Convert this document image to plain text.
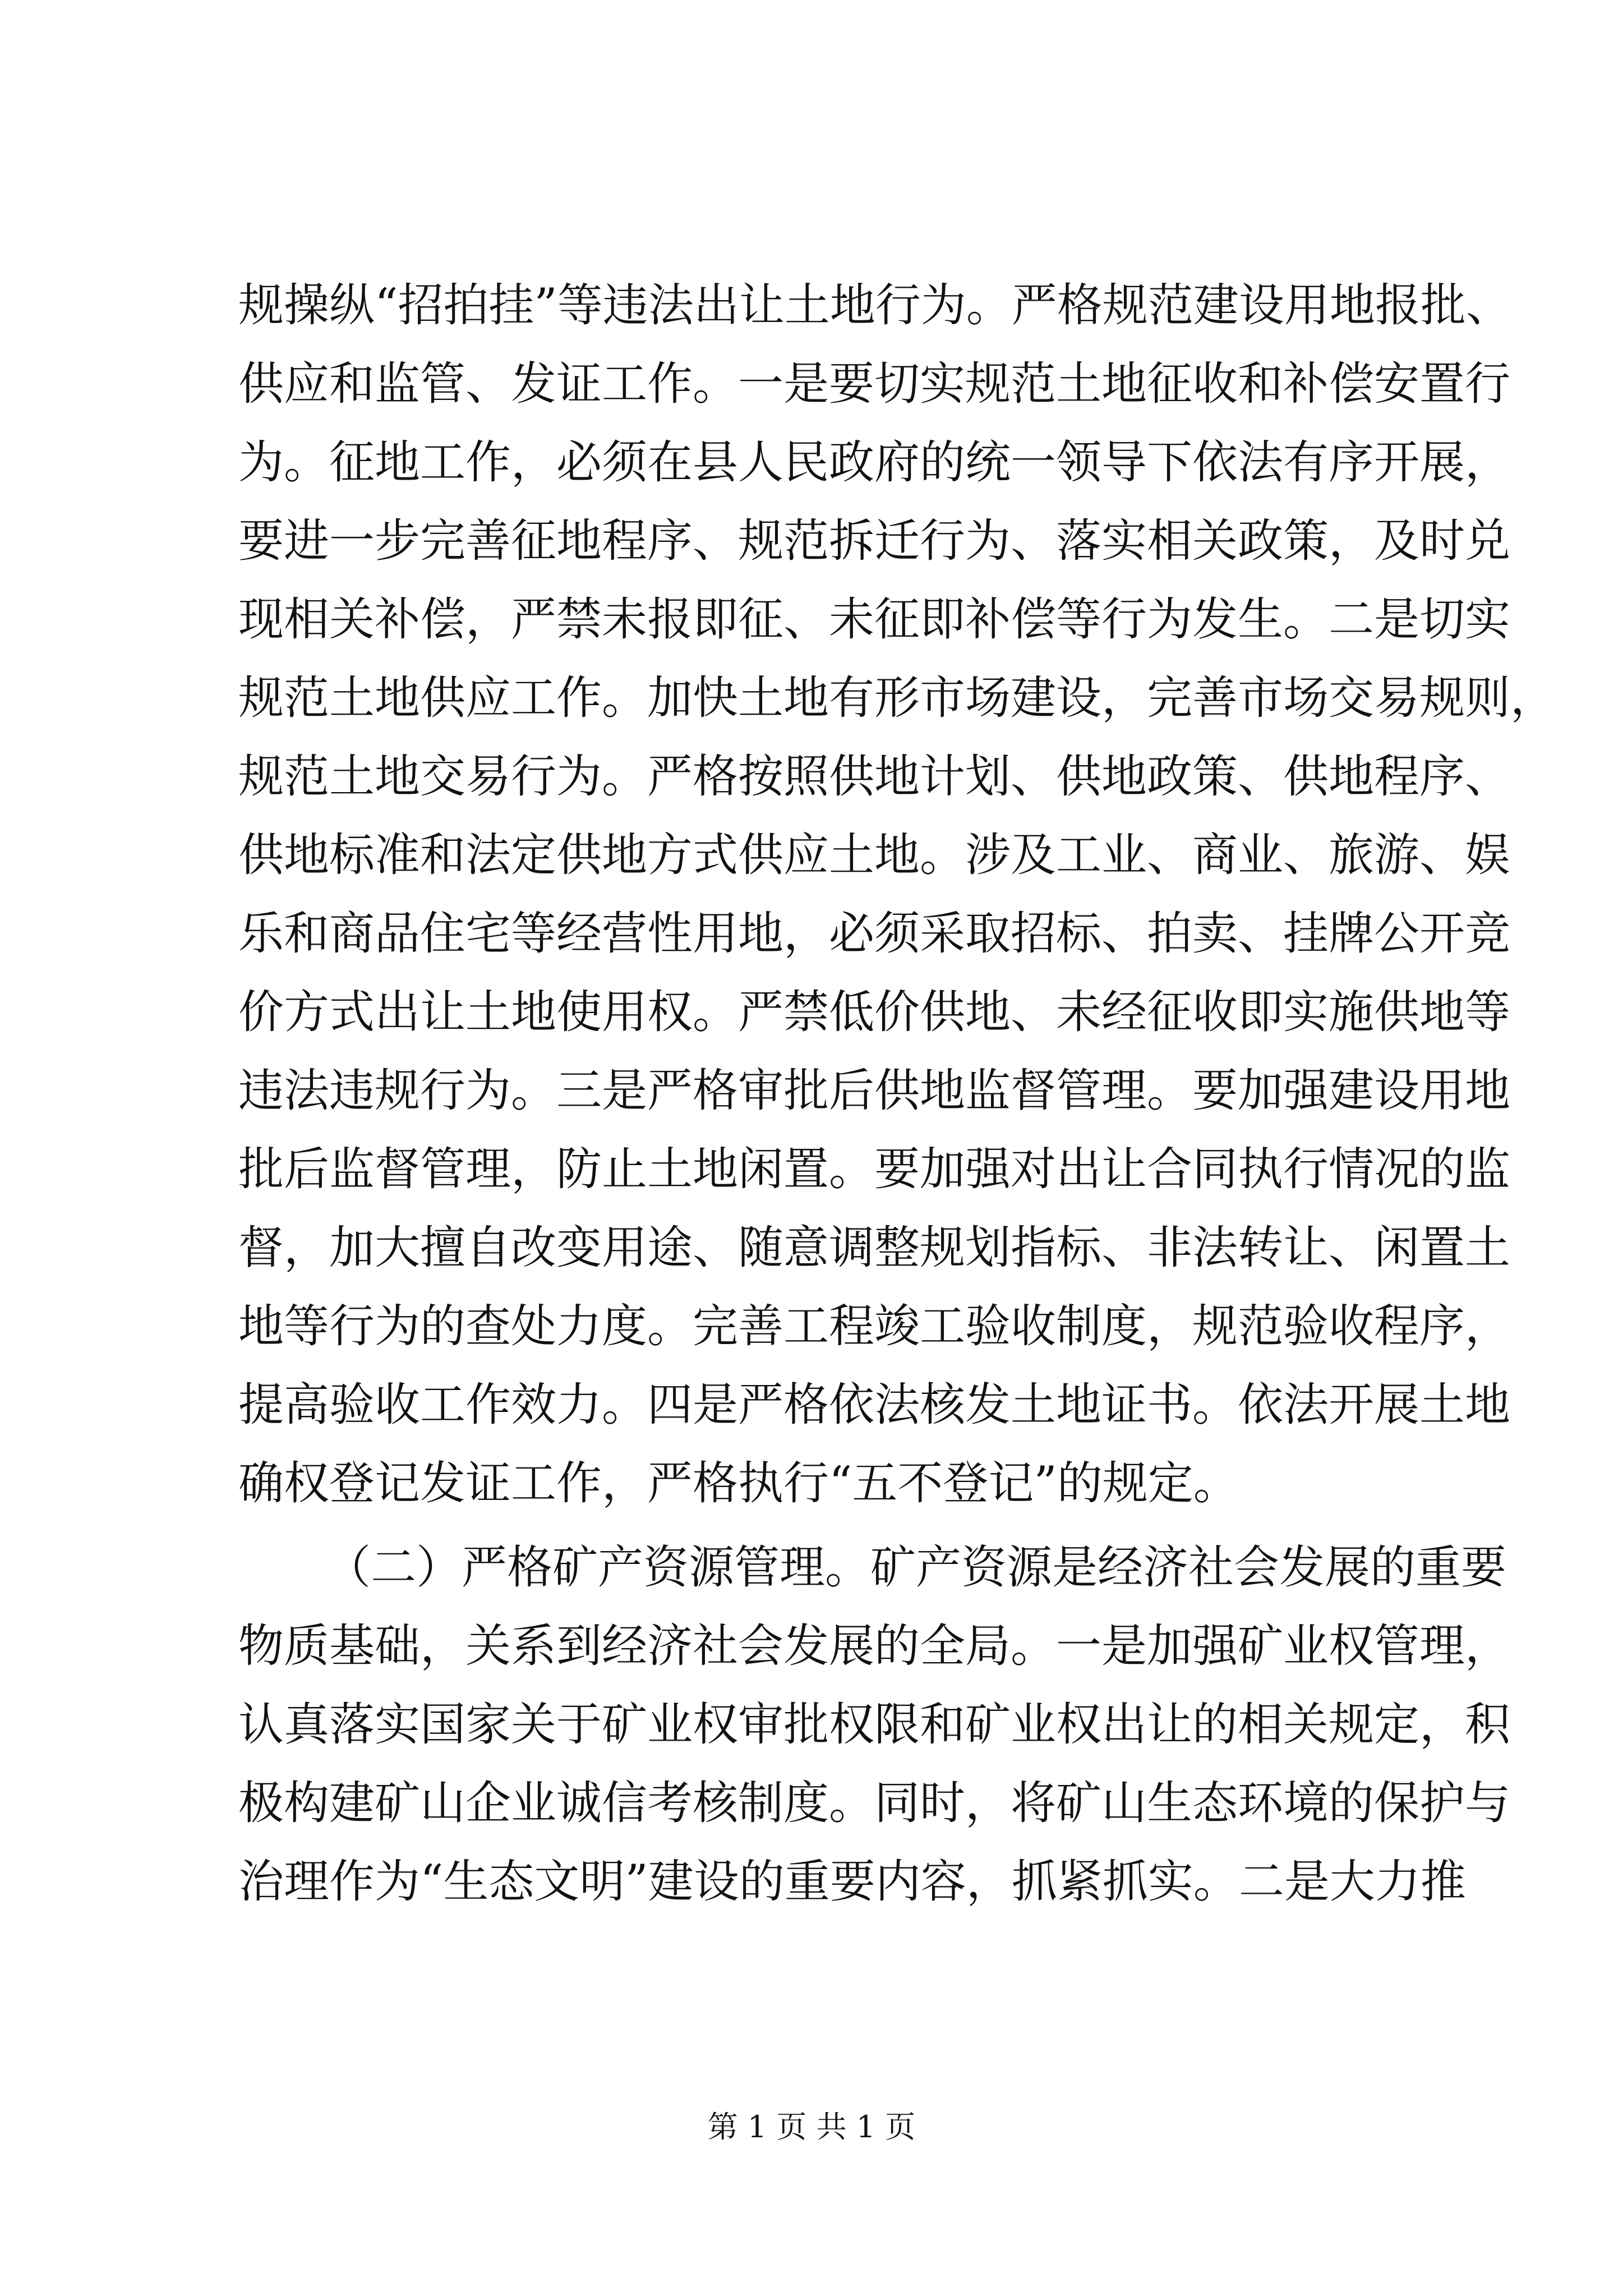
规操纵“招拍挂”等违法出让土地行为。严格规范建设用地报批、
供应和监管、发证工作。一是要切实规范土地征收和补偿安置行
为。征地工作，必须在县人民政府的统一领导下依法有序开展，
要进一步完善征地程序、规范拆迁行为、落实相关政策，及时兑
现相关补偿，严禁未报即征、未征即补偿等行为发生。二是切实
规范土地供应工作。加快土地有形市场建设，完善市场交易规则，
规范土地交易行为。严格按照供地计划、供地政策、供地程序、
供地标准和法定供地方式供应土地。涉及工业、商业、旅游、娱
乐和商品住宅等经营性用地，必须采取招标、拍卖、挂牌公开竞
价方式出让土地使用权。严禁低价供地、未经征收即实施供地等
违法违规行为。三是严格审批后供地监督管理。要加强建设用地
批后监督管理，防止土地闲置。要加强对出让合同执行情况的监
督，加大擅自改变用途、随意调整规划指标、非法转让、闲置土
地等行为的查处力度。完善工程竣工验收制度，规范验收程序，
提高验收工作效力。四是严格依法核发土地证书。依法开展土地
确权登记发证工作，严格执行“五不登记”的规定。
（二）严格矿产资源管理。矿产资源是经济社会发展的重要
物质基础，关系到经济社会发展的全局。一是加强矿业权管理，
认真落实国家关于矿业权审批权限和矿业权出让的相关规定，积
极构建矿山企业诚信考核制度。同时，将矿山生态环境的保护与
治理作为“生态文明”建设的重要内容，抓紧抓实。二是大力推
第 1 页 共 1 页
